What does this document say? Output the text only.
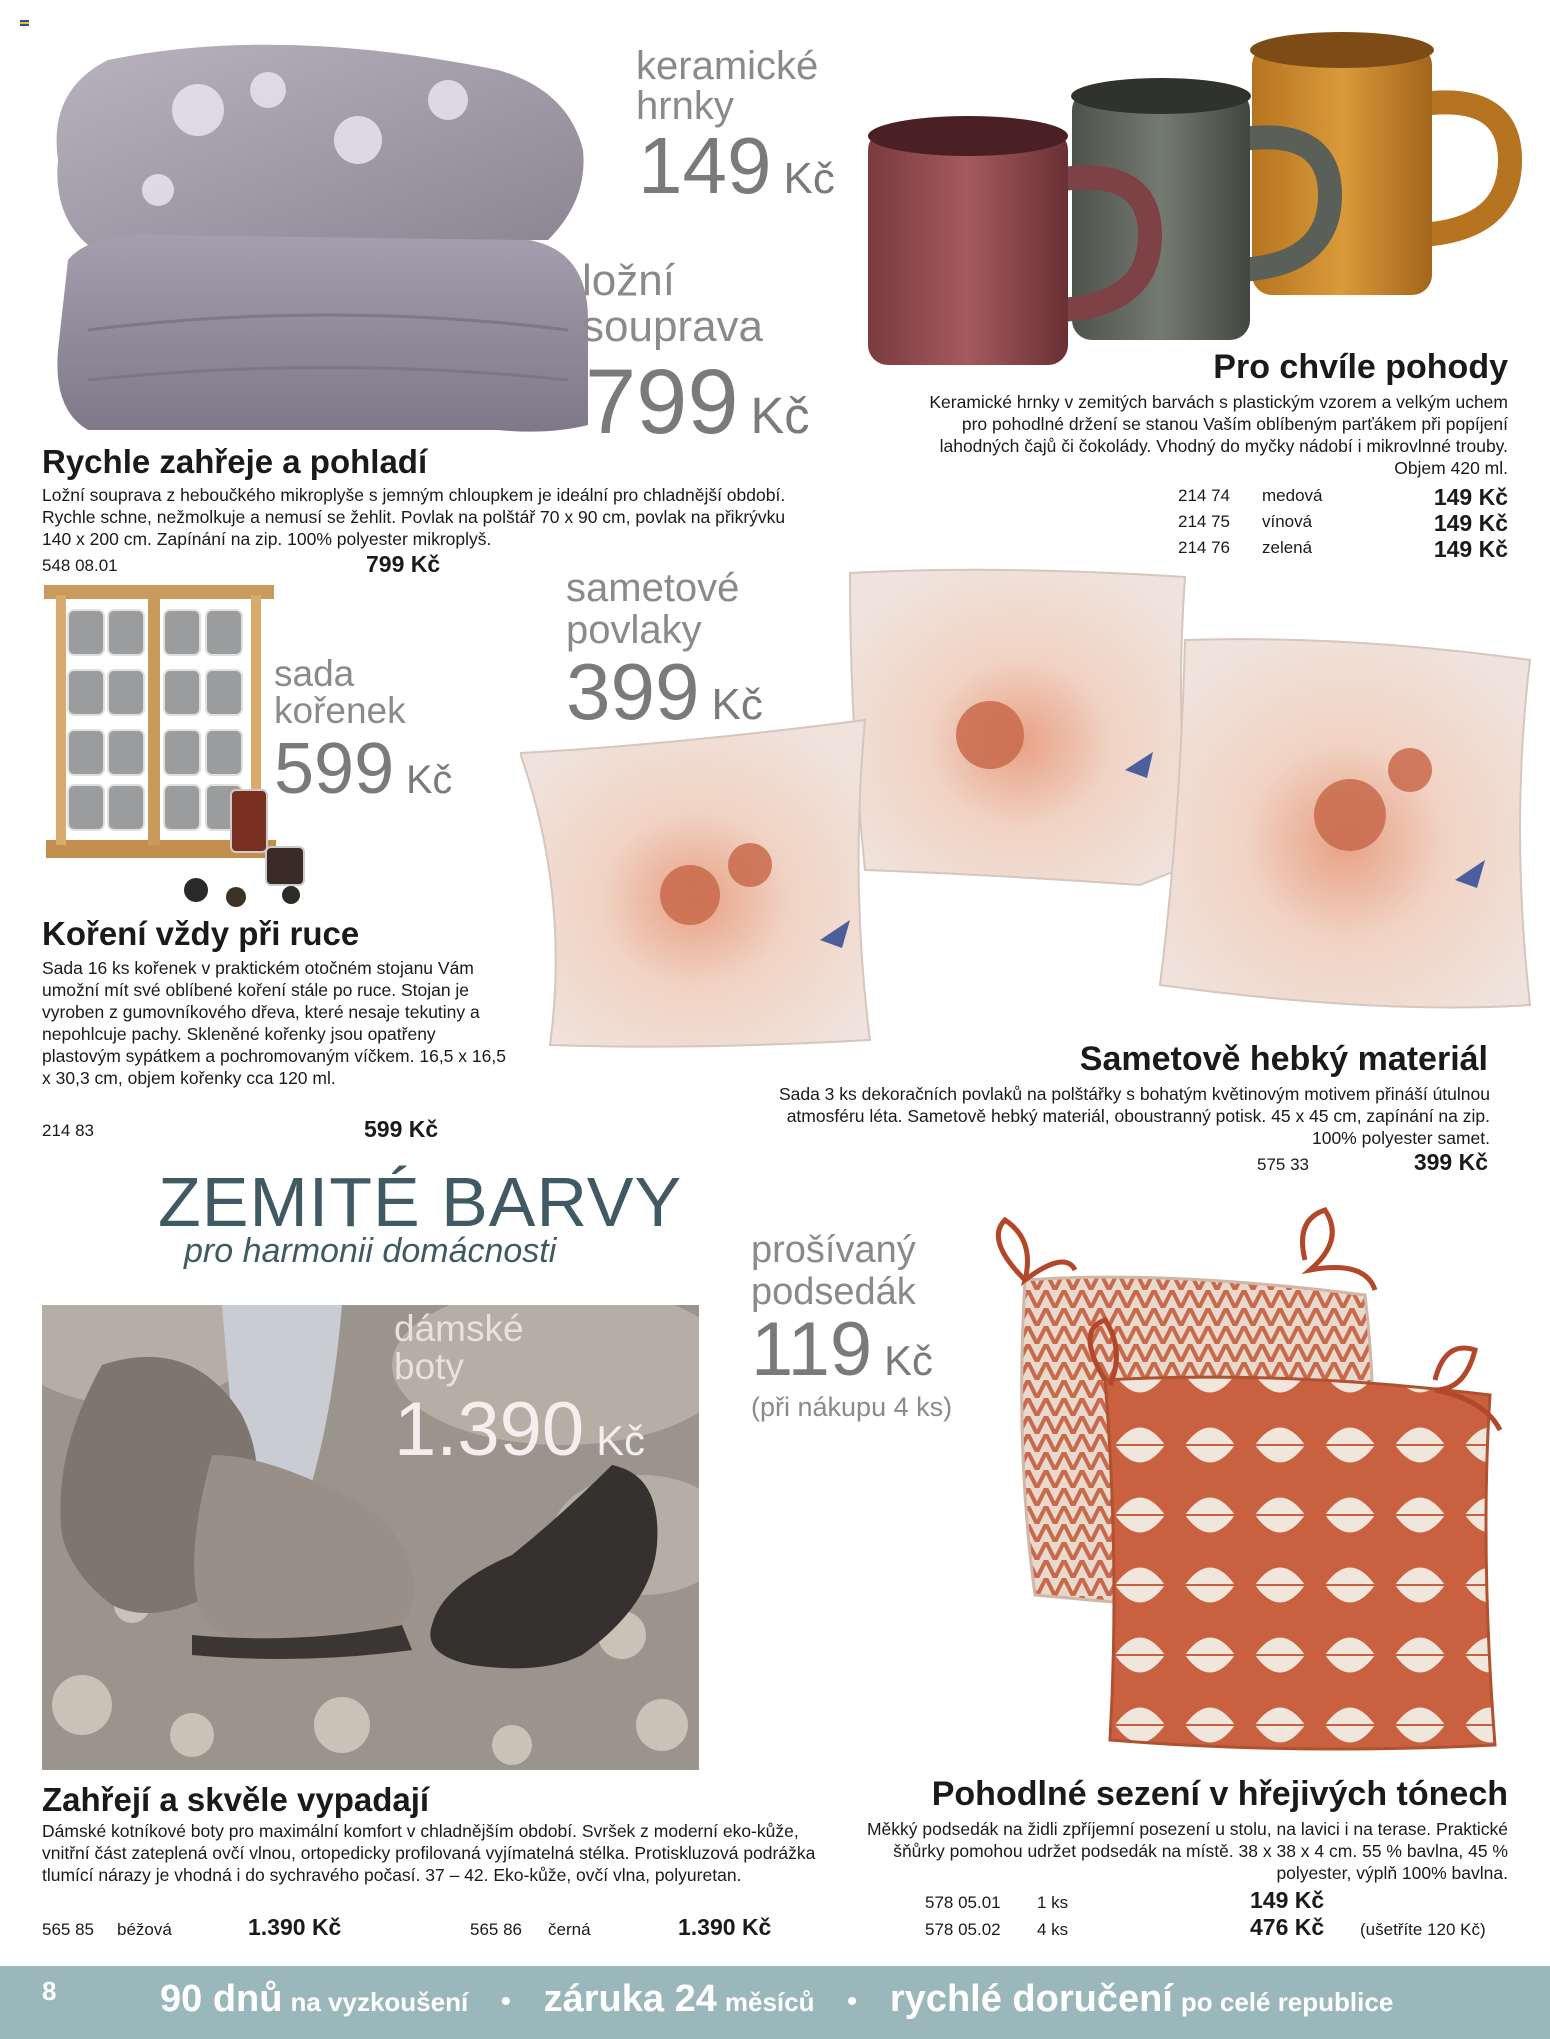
ložní
souprava
799 Kč
Rychle zahřeje a pohladí
Ložní souprava z heboučkého mikroplyše s jemným chloupkem je ideální pro chladnější období. Rychle schne, nežmolkuje a nemusí se žehlit. Povlak na polštář 70 x 90 cm, povlak na přikrývku 140 x 200 cm. Zapínání na zip. 100% polyester mikroplyš.
548 08.01	799 Kč
keramické
hrnky
149 Kč
Pro chvíle pohody
Keramické hrnky v zemitých barvách s plastickým vzorem a velkým uchem pro pohodlné držení se stanou Vaším oblíbeným parťákem při popíjení lahodných čajů či čokolády. Vhodný do myčky nádobí i mikrovlnné trouby. Objem 420 ml.
214 74 medová	149 Kč
214 75 vínová	149 Kč
214 76 zelená	149 Kč
sada
kořenek
599 Kč
Koření vždy při ruce
Sada 16 ks kořenek v praktickém otočném stojanu Vám umožní mít své oblíbené koření stále po ruce. Stojan je vyroben z gumovníkového dřeva, které nesaje tekutiny a nepohlcuje pachy. Skleněné kořenky jsou opatřeny plastovým sypátkem a pochromovaným víčkem. 16,5 x 16,5 x 30,3 cm, objem kořenky cca 120 ml.
214 83	599 Kč
sametové
povlaky
399 Kč
Sametově hebký materiál
Sada 3 ks dekoračních povlaků na polštářky s bohatým květinovým motivem přináší útulnou atmosféru léta. Sametově hebký materiál, oboustranný potisk. 45 x 45 cm, zapínání na zip. 100% polyester samet.
575 33	399 Kč
ZEMITÉ BARVY
pro harmonii domácnosti
dámské
boty
1.390 Kč
Zahřejí a skvěle vypadají
Dámské kotníkové boty pro maximální komfort v chladnějším období. Svršek z moderní eko-kůže, vnitřní část zateplená ovčí vlnou, ortopedicky profilovaná vyjímatelná stélka. Protiskluzová podrážka tlumící nárazy je vhodná i do sychravého počasí. 37 – 42. Eko-kůže, ovčí vlna, polyuretan.
565 85 béžová	1.390 Kč	565 86 černá	1.390 Kč
prošívaný
podsedák
119 Kč
(při nákupu 4 ks)
Pohodlné sezení v hřejivých tónech
Měkký podsedák na židli zpříjemní posezení u stolu, na lavici i na terase. Praktické šňůrky pomohou udržet podsedák na místě. 38 x 38 x 4 cm. 55 % bavlna, 45 % polyester, výplň 100% bavlna.
578 05.01 1 ks	149 Kč
578 05.02 4 ks	476 Kč (ušetříte 120 Kč)
8	90 dnů na vyzkoušení • záruka 24 měsíců • rychlé doručení po celé republice
